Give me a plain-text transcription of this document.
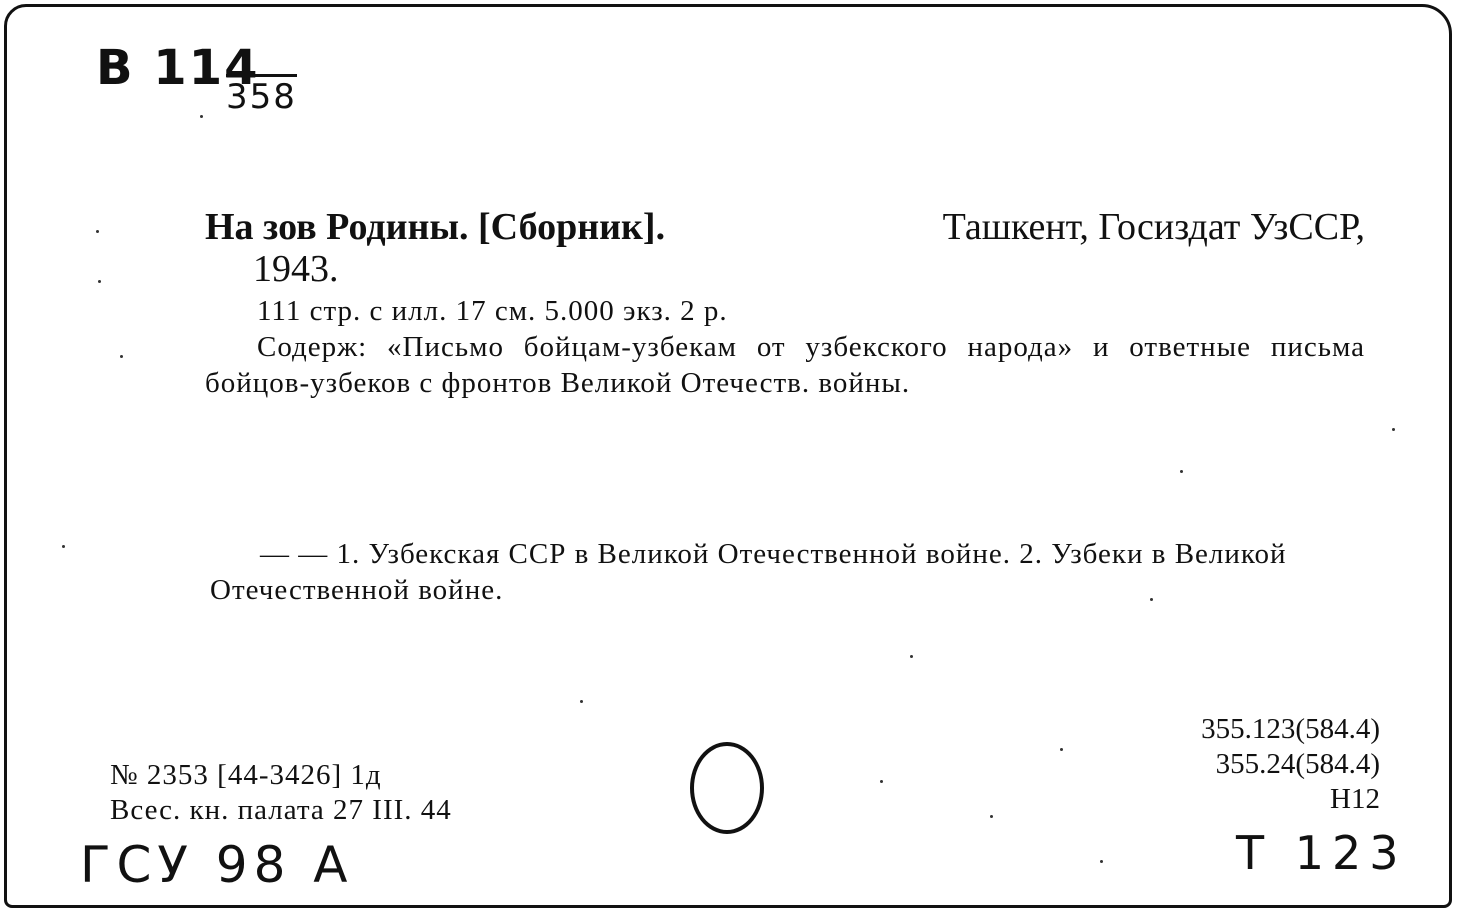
B 114
358
На зов Родины. [Сборник].	Ташкент, Госиздат УзССР,
1943.
111 стр. с илл. 17 см. 5.000 экз. 2 р.
Содерж: «Письмо бойцам-узбекам от узбекского народа» и ответные письма бойцов-узбеков с фронтов Великой Отечеств. войны.
— — 1. Узбекская ССР в Великой Отечественной войне. 2. Узбеки в Великой Отечественной войне.
№ 2353 [44-3426] 1д
Всес. кн. палата 27 III. 44
355.123(584.4)
355.24(584.4)
Н12
ГСУ 98 А	Т 123
